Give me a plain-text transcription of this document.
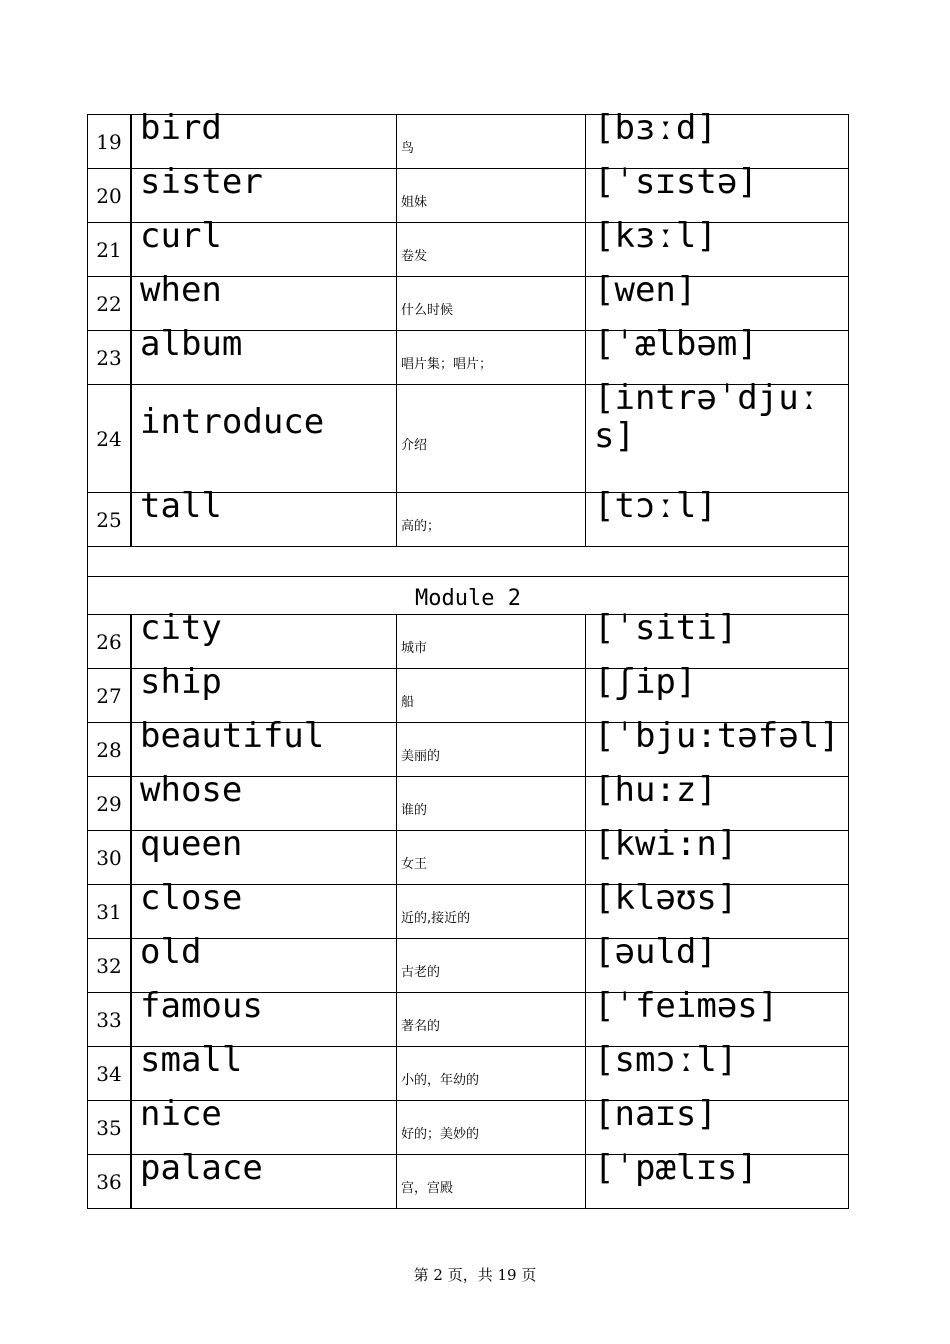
19	bird	鸟	[bɜːd]

20	sister	姐妹	[ˈsɪstə]

21	curl	卷发	[kɜːl]

22	when	什么时候	[wen]

23	album	唱片集；唱片；	[ˈælbəm]

24	introduce	介绍	[intrəˈdjuːs]

25	tall	高的；	[tɔːl]

Module 2			
26	city	城市	[ˈsiti]

27	ship	船	[ʃip]

28	beautiful	美丽的	[ˈbju:təfəl]

29	whose	谁的	[hu:z]

30	queen	女王	[kwi:n]

31	close	近的,接近的	[kləʊs]

32	old	古老的	[əuld]

33	famous	著名的	[ˈfeiməs]

34	small	小的，年幼的	[smɔːl]

35	nice	好的；美妙的	[naɪs]

36	palace	宫，宫殿	[ˈpælɪs]
第 2 页，共 19 页
